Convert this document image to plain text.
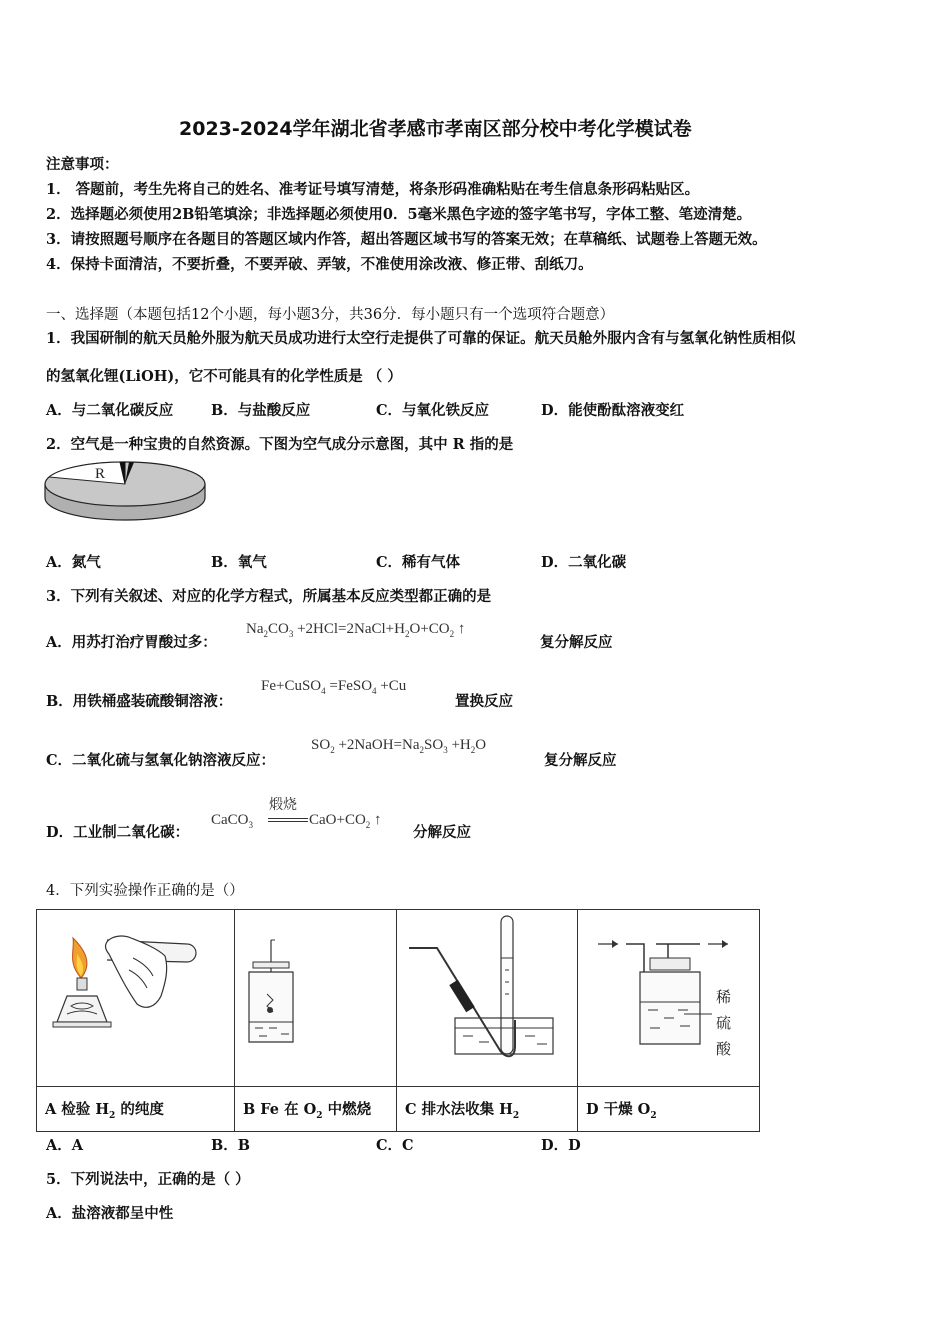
2023-2024学年湖北省孝感市孝南区部分校中考化学模试卷
注意事项：
1． 答题前，考生先将自己的姓名、准考证号填写清楚，将条形码准确粘贴在考生信息条形码粘贴区。
2．选择题必须使用2B铅笔填涂；非选择题必须使用0．5毫米黑色字迹的签字笔书写，字体工整、笔迹清楚。
3．请按照题号顺序在各题目的答题区域内作答，超出答题区域书写的答案无效；在草稿纸、试题卷上答题无效。
4．保持卡面清洁，不要折叠，不要弄破、弄皱，不准使用涂改液、修正带、刮纸刀。
一、选择题（本题包括12个小题，每小题3分，共36分．每小题只有一个选项符合题意）
1．我国研制的航天员舱外服为航天员成功进行太空行走提供了可靠的保证。航天员舱外服内含有与氢氧化钠性质相似
的氢氧化锂(LiOH)，它不可能具有的化学性质是 （ ）
A．与二氧化碳反应	B．与盐酸反应	C．与氧化铁反应	D．能使酚酞溶液变红
2．空气是一种宝贵的自然资源。下图为空气成分示意图，其中 R 指的是
R
A．氮气	B．氧气	C．稀有气体	D．二氧化碳
3．下列有关叙述、对应的化学方程式，所属基本反应类型都正确的是
A．用苏打治疗胃酸过多：
$Na_2CO_3$ $+2HCl=2NaCl+H_2O+CO_2$ ↑
复分解反应
B．用铁桶盛装硫酸铜溶液：
Fe+CuSO$_4$ =FeSO$_4$ +Cu
置换反应
C．二氧化硫与氢氧化钠溶液反应：
$SO_2$ $+2NaOH=Na_2SO_3 +H_2O$
复分解反应
D．工业制二氧化碳：
CaCO$_3$
煅烧
$CaO+CO_2$ ↑
分解反应
4．下列实验操作正确的是（）

稀
硫
酸

A 检验 $H_2$ 的纯度	B Fe 在 $O_2$ 中燃烧	C 排水法收集 $H_2$	D 干燥 $O_2$
A．A	B．B	C．C	D．D
5．下列说法中，正确的是（ ）
A．盐溶液都呈中性
